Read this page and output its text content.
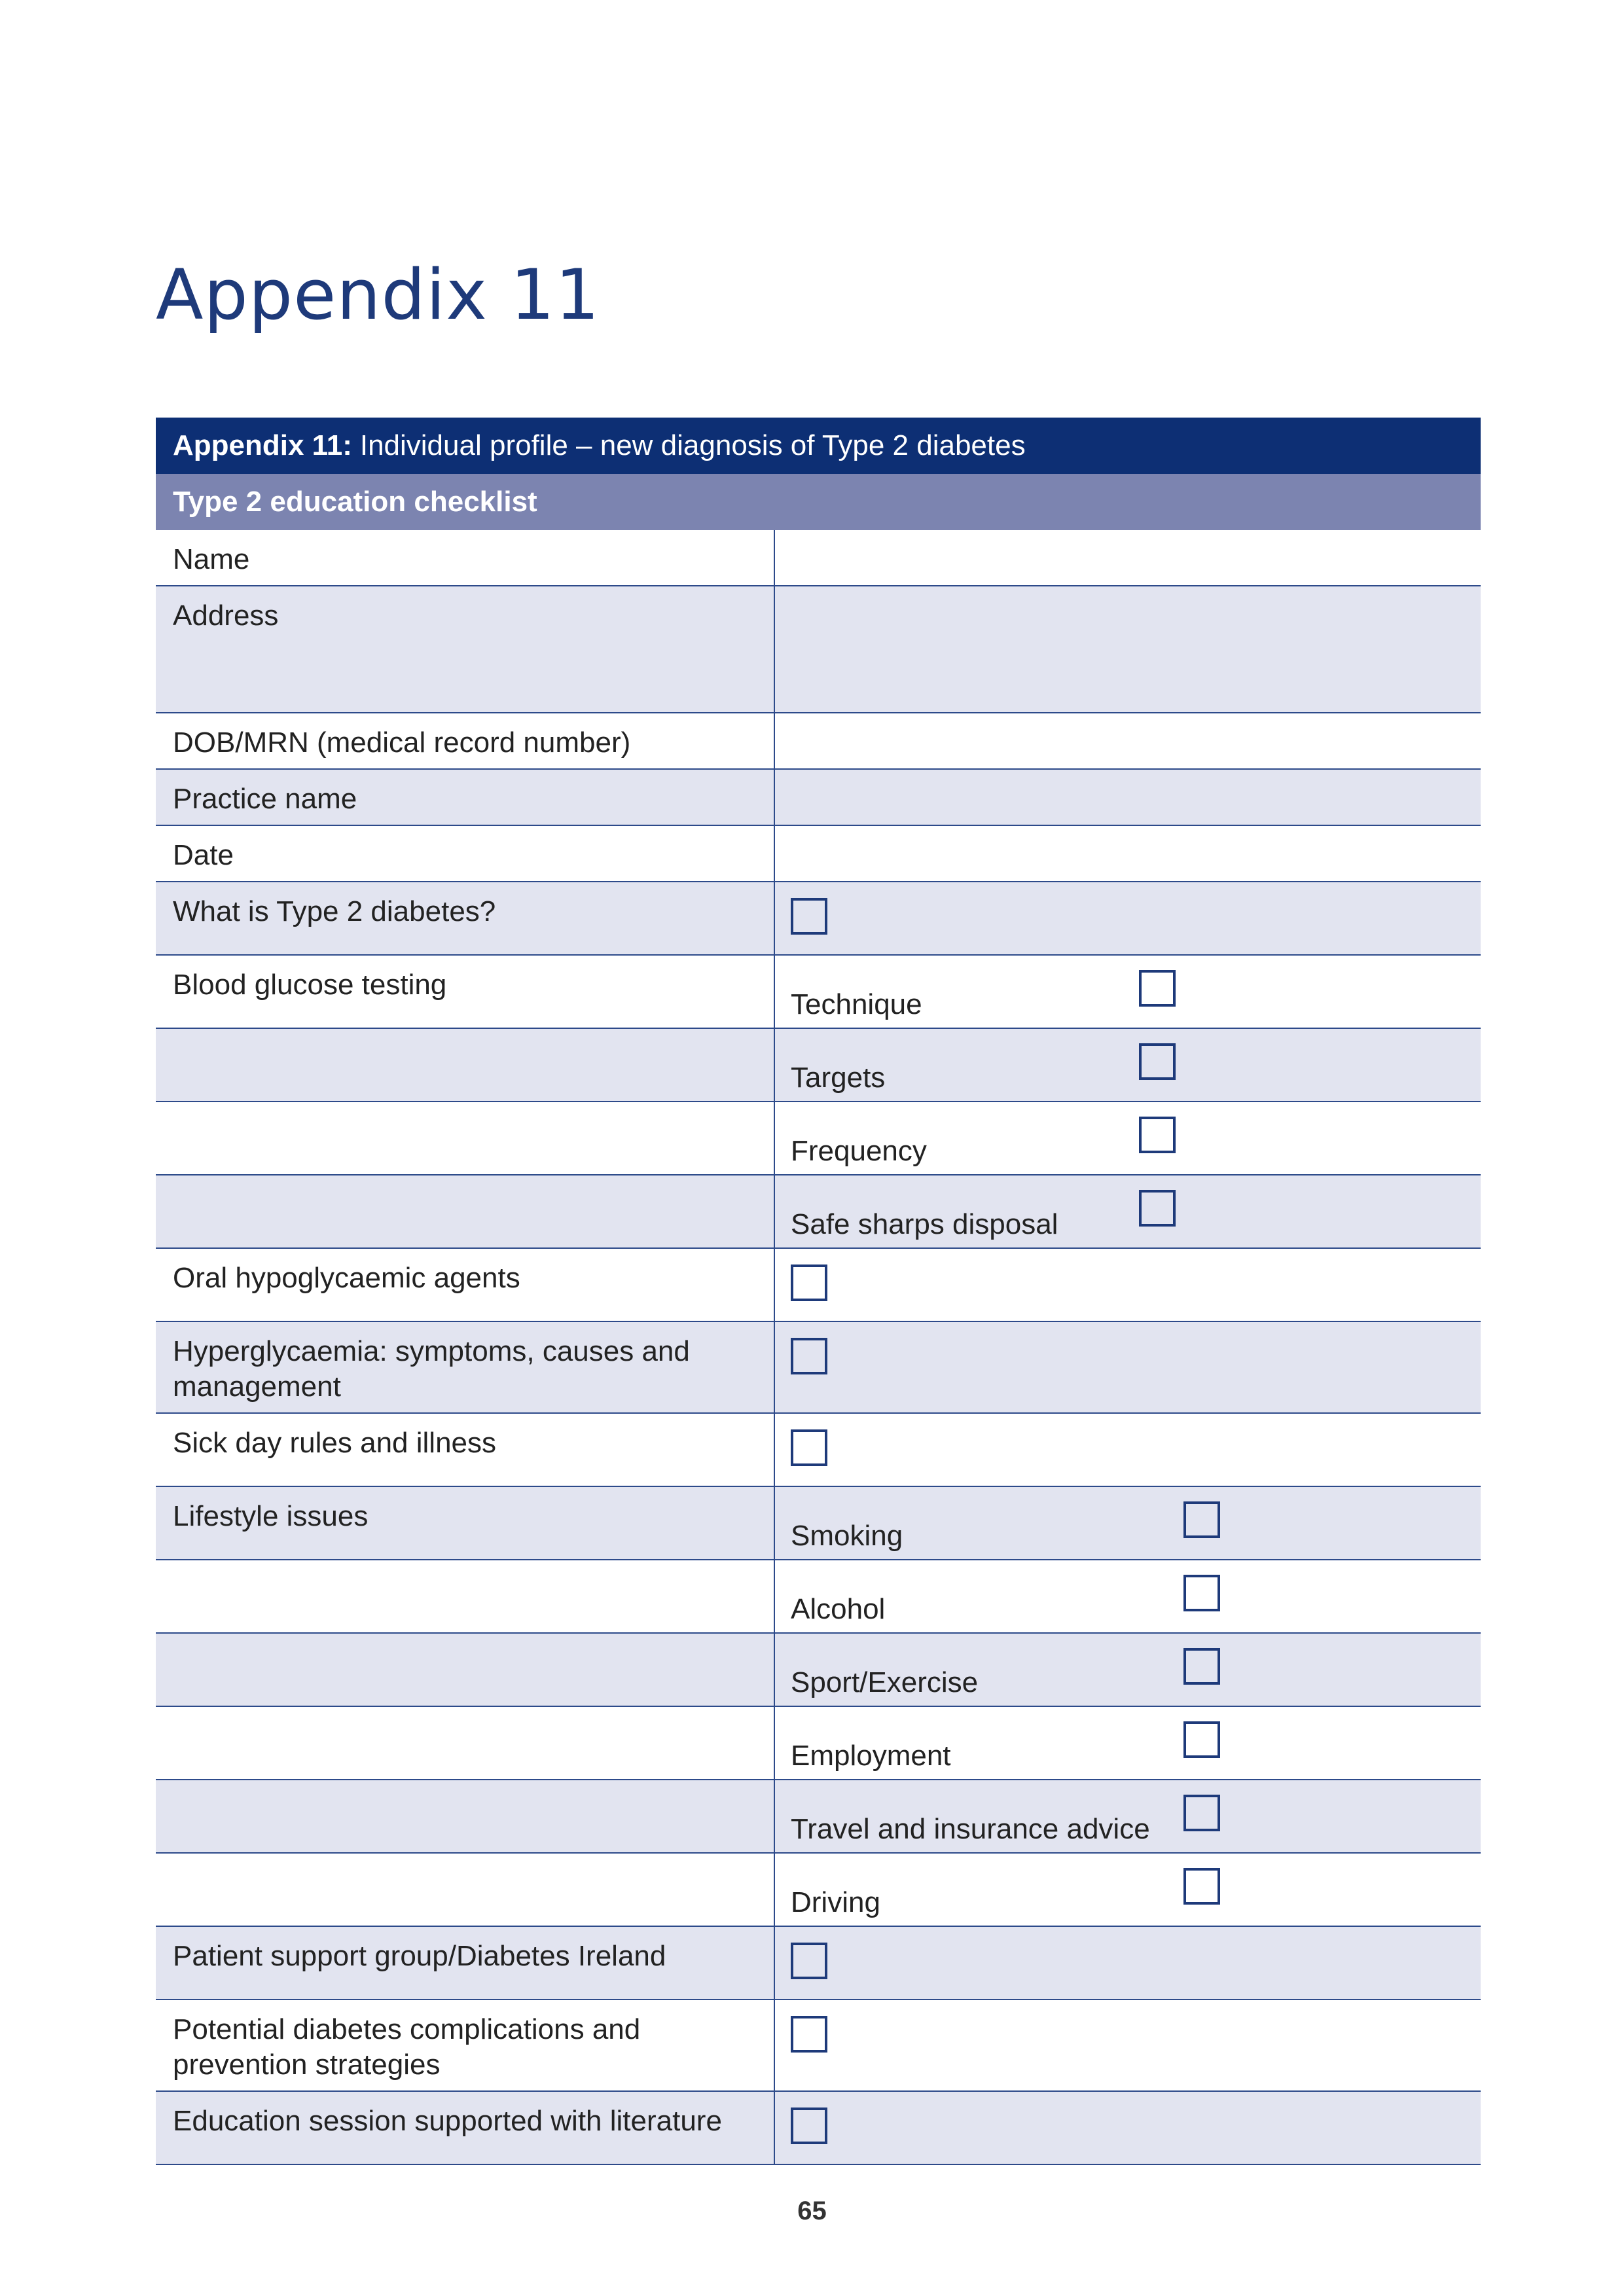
Appendix 11
Appendix 11: Individual profile – new diagnosis of Type 2 diabetes
Type 2 education checklist
Name
Address
DOB/MRN (medical record number)
Practice name
Date
What is Type 2 diabetes?
Blood glucose testing
Technique
Targets
Frequency
Safe sharps disposal
Oral hypoglycaemic agents
Hyperglycaemia: symptoms, causes and management
Sick day rules and illness
Lifestyle issues
Smoking
Alcohol
Sport/Exercise
Employment
Travel and insurance advice
Driving
Patient support group/Diabetes Ireland
Potential diabetes complications and prevention strategies
Education session supported with literature
65
